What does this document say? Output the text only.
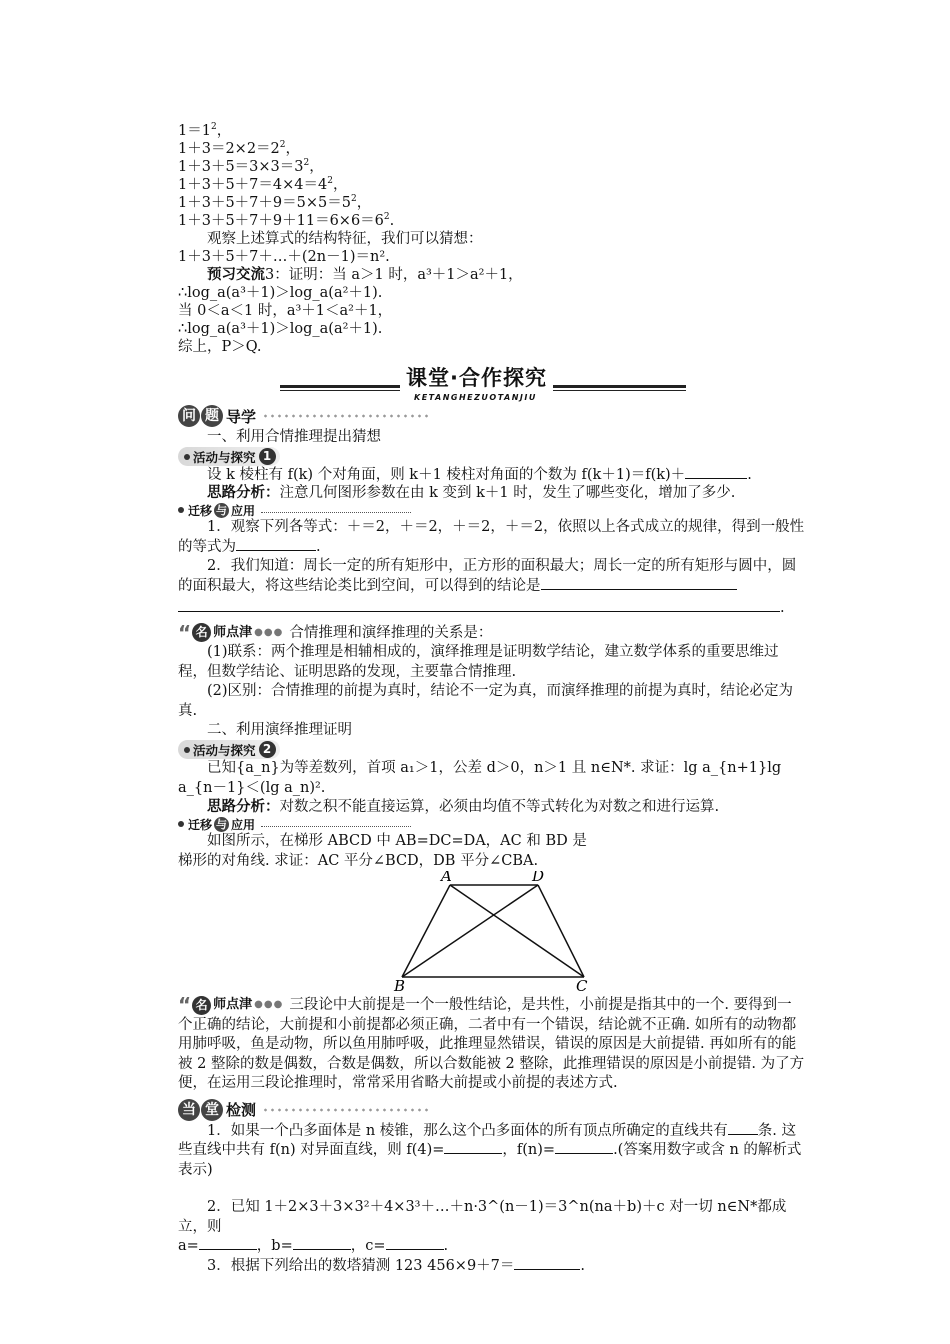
$1=1^2$，
$1+3=2\times 2=2^2$，
$1+3+5=3\times 3=3^2$，
$1+3+5+7=4\times 4=4^2$，
$1+3+5+7+9=5\times 5=5^2$，
$1+3+5+7+9+11=6\times 6=6^2$.
观察上述算式的结构特征，我们可以猜想：
1＋3＋5＋7＋…＋(2n－1)＝n².
预习交流3：证明：当 a＞1 时，a³＋1＞a²＋1，
∴log_a(a³＋1)＞log_a(a²＋1).
当 0＜a＜1 时，a³＋1＜a²＋1，
∴log_a(a³＋1)＞log_a(a²＋1).
综上，P＞Q.
课堂·合作探究
KETANGHEZUOTANJIU
问 题 导学
一、利用合情推理提出猜想
活动与探究 1
设 k 棱柱有 f(k) 个对角面，则 k＋1 棱柱对角面的个数为 f(k＋1)＝f(k)＋	.
思路分析：注意几何图形参数在由 k 变到 k＋1 时，发生了哪些变化，增加了多少.
迁移 与 应用
1．观察下列各等式：＋＝2，＋＝2，＋＝2，＋＝2，依照以上各式成立的规律，得到一般性的等式为	.
2．我们知道：周长一定的所有矩形中，正方形的面积最大；周长一定的所有矩形与圆中，圆的面积最大，将这些结论类比到空间，可以得到的结论是
.
“ 名 师点津 ●●● 合情推理和演绎推理的关系是：
(1)联系：两个推理是相辅相成的，演绎推理是证明数学结论，建立数学体系的重要思维过程，但数学结论、证明思路的发现，主要靠合情推理.
(2)区别：合情推理的前提为真时，结论不一定为真，而演绎推理的前提为真时，结论必定为真.
二、利用演绎推理证明
活动与探究 2
已知{a_n}为等差数列，首项 a₁＞1，公差 d＞0，n＞1 且 n∈N*. 求证：lg a_{n+1}lg a_{n－1}＜(lg a_n)².
思路分析：对数之积不能直接运算，必须由均值不等式转化为对数之和进行运算.
迁移 与 应用
如图所示，在梯形 ABCD 中 AB=DC=DA，AC 和 BD 是梯形的对角线. 求证：AC 平分∠BCD，DB 平分∠CBA.
A	D
B	C
“ 名 师点津 ●●● 三段论中大前提是一个一般性结论，是共性，小前提是指其中的一个. 要得到一个正确的结论，大前提和小前提都必须正确，二者中有一个错误，结论就不正确. 如所有的动物都用肺呼吸，鱼是动物，所以鱼用肺呼吸，此推理显然错误，错误的原因是大前提错. 再如所有的能被 2 整除的数是偶数，合数是偶数，所以合数能被 2 整除，此推理错误的原因是小前提错. 为了方便，在运用三段论推理时，常常采用省略大前提或小前提的表述方式.
当 堂 检测
1．如果一个凸多面体是 n 棱锥，那么这个凸多面体的所有顶点所确定的直线共有 条. 这些直线中共有 f(n) 对异面直线，则 f(4)=	，f(n)=	.(答案用数字或含 n 的解析式表示)
2．已知 1＋2×3＋3×3²＋4×3³＋…＋n·3^(n－1)＝3^n(na＋b)＋c 对一切 n∈N*都成立，则
a=	，b=	，c=	.
3．根据下列给出的数塔猜测 123 456×9＋7＝	.
